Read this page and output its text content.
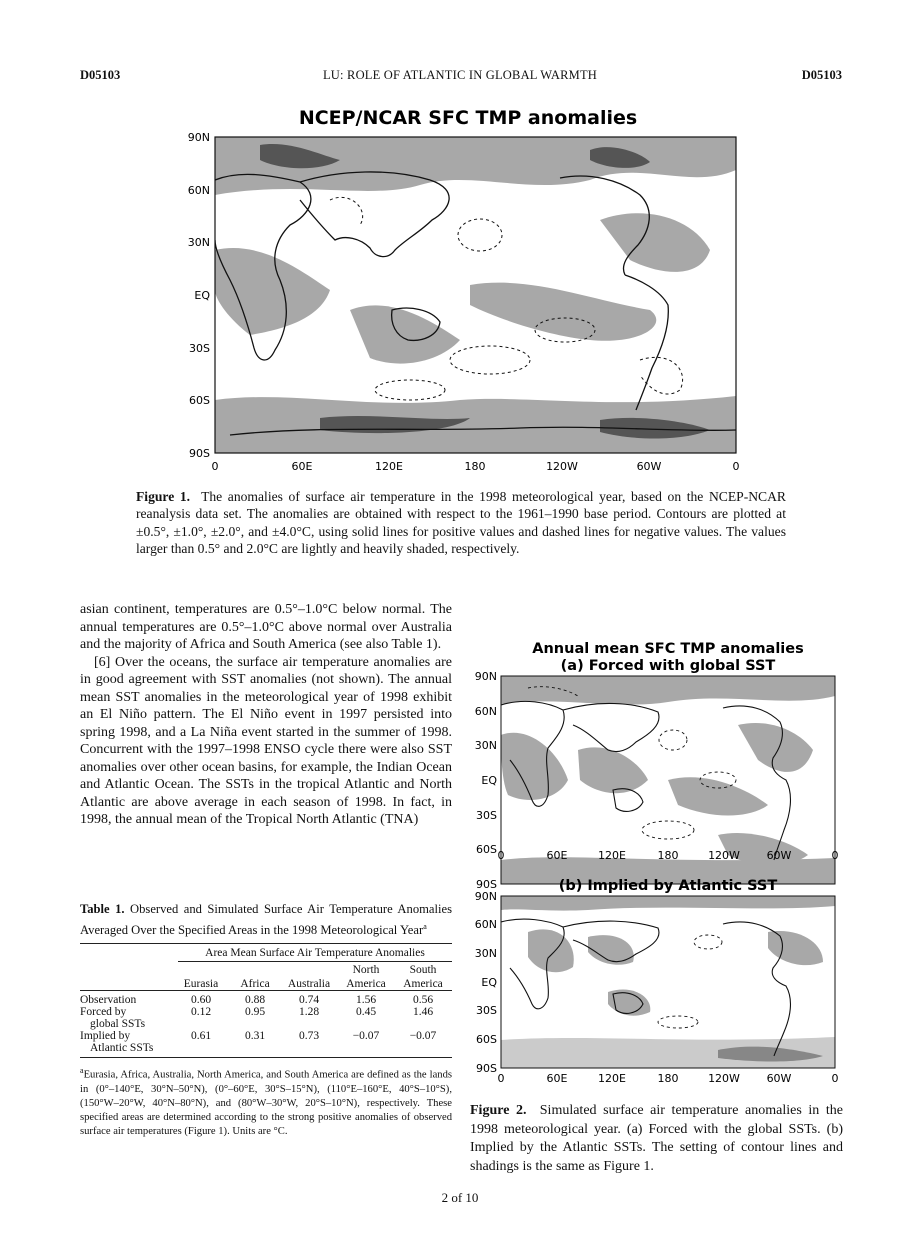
D05103	LU: ROLE OF ATLANTIC IN GLOBAL WARMTH	D05103
NCEP/NCAR SFC TMP anomalies
90N
60N
30N
EQ
30S
60S
90S
0	60E	120E	180	120W	60W	0
Figure 1. The anomalies of surface air temperature in the 1998 meteorological year, based on the NCEP-NCAR reanalysis data set. The anomalies are obtained with respect to the 1961–1990 base period. Contours are plotted at ±0.5°, ±1.0°, ±2.0°, and ±4.0°C, using solid lines for positive values and dashed lines for negative values. The values larger than 0.5° and 2.0°C are lightly and heavily shaded, respectively.

asian continent, temperatures are 0.5°–1.0°C below normal. The annual temperatures are 0.5°–1.0°C above normal over Australia and the majority of Africa and South America (see also Table 1).

[6] Over the oceans, the surface air temperature anomalies are in good agreement with SST anomalies (not shown). The annual mean SST anomalies in the meteorological year of 1998 exhibit an El Niño pattern. The El Niño event in 1997 persisted into spring 1998, and a La Niña event started in the summer of 1998. Concurrent with the 1997–1998 ENSO cycle there were also SST anomalies over other ocean basins, for example, the Indian Ocean and Atlantic Ocean. The SSTs in the tropical Atlantic and North Atlantic are above average in each season of 1998. In fact, in 1998, the annual mean of the Tropical North Atlantic (TNA)

Table 1. Observed and Simulated Surface Air Temperature Anomalies Averaged Over the Specified Areas in the 1998 Meteorological Year$^a$

	Area Mean Surface Air Temperature Anomalies				

				North	South
	Eurasia	Africa	Australia	America	America

Observation	0.60	0.88	0.74	1.56	0.56
Forced by
global SSTs	0.12	0.95	1.28	0.45	1.46
Implied by
Atlantic SSTs	0.61	0.31	0.73	−0.07	−0.07
$^a$Eurasia, Africa, Australia, North America, and South America are defined as the lands in (0°–140°E, 30°N–50°N), (0°–60°E, 30°S–15°N), (110°E–160°E, 40°S–10°S), (150°W–20°W, 40°N–80°N), and (80°W–30°W, 20°S–10°N), respectively. These specified areas are determined according to the strong positive anomalies of observed surface air temperatures (Figure 1). Units are °C.
Annual mean SFC TMP anomalies
(a) Forced with global SST
90N
60N
30N
EQ
30S
60S
90S
0	60E	120E	180	120W 60W	0
(b) Implied by Atlantic SST
90N
60N
30N
EQ
30S
60S
90S
0	60E	120E	180	120W 60W	0
Figure 2. Simulated surface air temperature anomalies in the 1998 meteorological year. (a) Forced with the global SSTs. (b) Implied by the Atlantic SSTs. The setting of contour lines and shadings is the same as Figure 1.
2 of 10
